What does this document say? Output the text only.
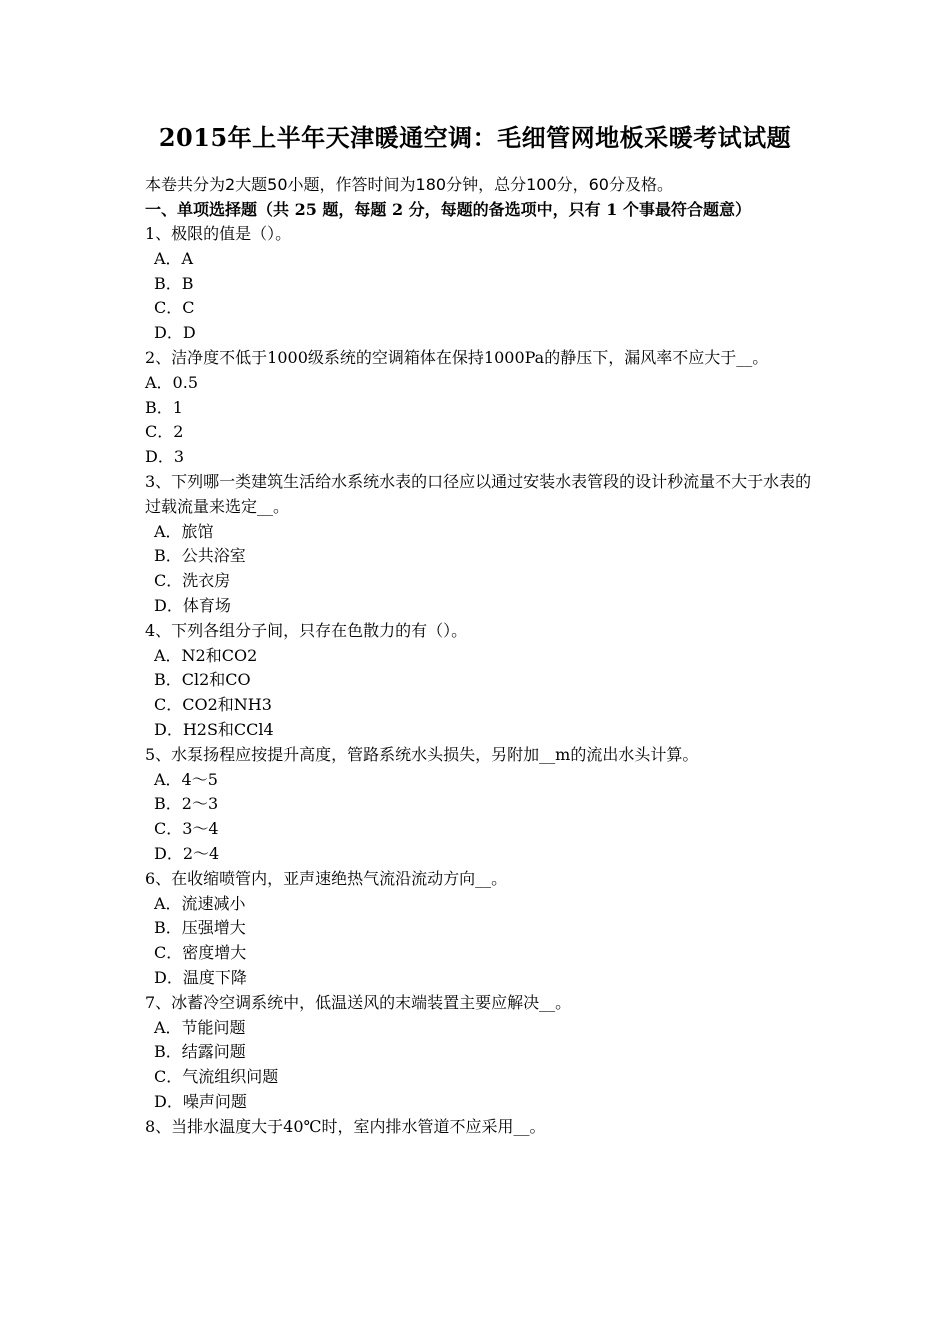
2015年上半年天津暖通空调：毛细管网地板采暖考试试题
本卷共分为2大题50小题，作答时间为180分钟，总分100分，60分及格。
一、单项选择题（共 25 题，每题 2 分，每题的备选项中，只有 1 个事最符合题意）
1、极限的值是（）。
A．A
B．B
C．C
D．D
2、洁净度不低于1000级系统的空调箱体在保持1000Pa的静压下，漏风率不应大于__。
A．0.5
B．1
C．2
D．3
3、下列哪一类建筑生活给水系统水表的口径应以通过安装水表管段的设计秒流量不大于水表的过载流量来选定__。
A．旅馆
B．公共浴室
C．洗衣房
D．体育场
4、下列各组分子间，只存在色散力的有（）。
A．N2和CO2
B．Cl2和CO
C．CO2和NH3
D．H2S和CCl4
5、水泵扬程应按提升高度，管路系统水头损失，另附加__m的流出水头计算。
A．4～5
B．2～3
C．3～4
D．2～4
6、在收缩喷管内，亚声速绝热气流沿流动方向__。
A．流速减小
B．压强增大
C．密度增大
D．温度下降
7、冰蓄冷空调系统中，低温送风的末端装置主要应解决__。
A．节能问题
B．结露问题
C．气流组织问题
D．噪声问题
8、当排水温度大于40℃时，室内排水管道不应采用__。
